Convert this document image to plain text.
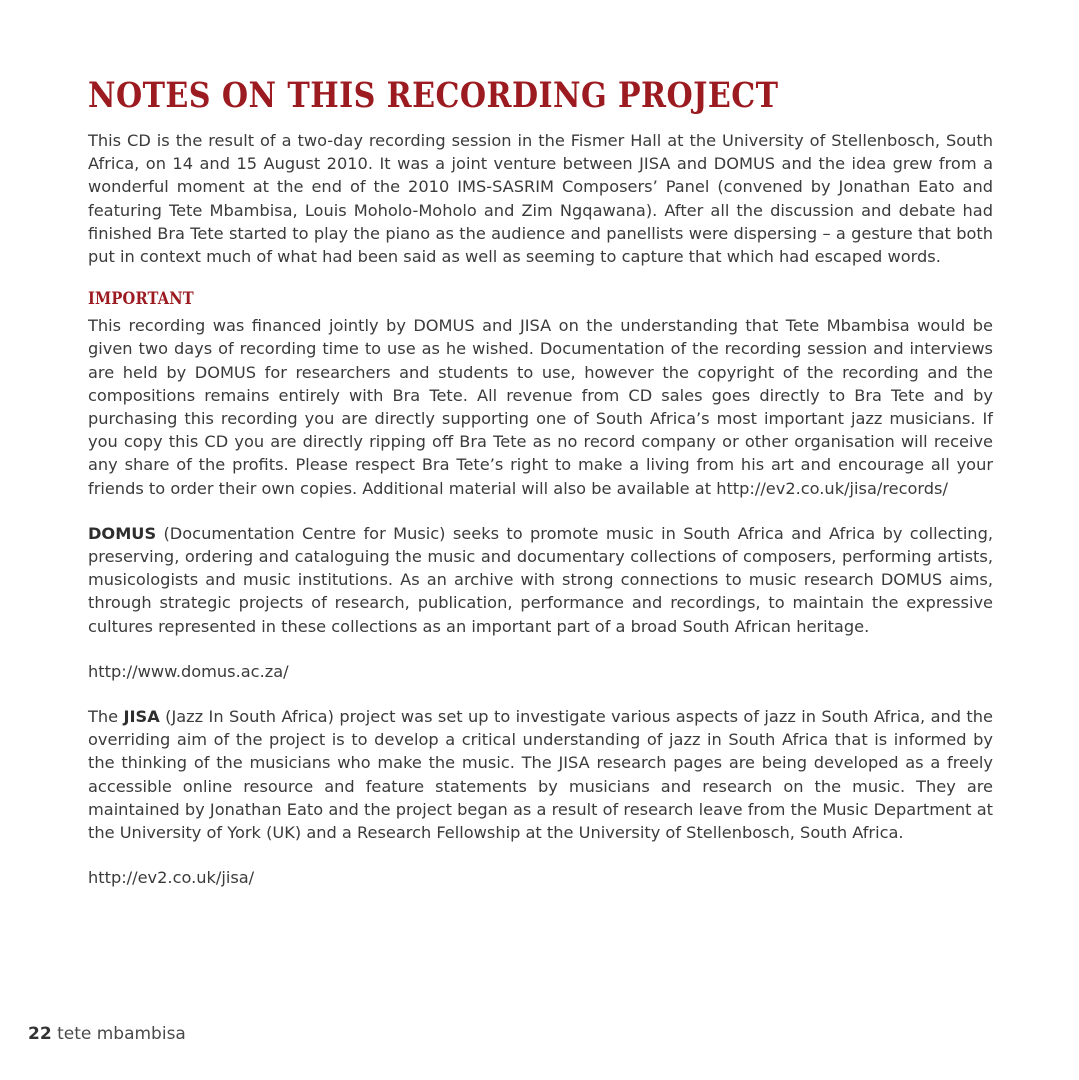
NOTES ON THIS RECORDING PROJECT

This CD is the result of a two-day recording session in the Fismer Hall at the University of Stellenbosch, South Africa, on 14 and 15 August 2010. It was a joint venture between JISA and DOMUS and the idea grew from a wonderful moment at the end of the 2010 IMS-SASRIM Composers’ Panel (convened by Jonathan Eato and featuring Tete Mbambisa, Louis Moholo-Moholo and Zim Ngqawana). After all the discussion and debate had finished Bra Tete started to play the piano as the audience and panellists were dispersing – a gesture that both put in context much of what had been said as well as seeming to capture that which had escaped words.

IMPORTANT

This recording was financed jointly by DOMUS and JISA on the understanding that Tete Mbambisa would be given two days of recording time to use as he wished. Documentation of the recording session and interviews are held by DOMUS for researchers and students to use, however the copyright of the recording and the compositions remains entirely with Bra Tete. All revenue from CD sales goes directly to Bra Tete and by purchasing this recording you are directly supporting one of South Africa’s most important jazz musicians. If you copy this CD you are directly ripping off Bra Tete as no record company or other organisation will receive any share of the profits. Please respect Bra Tete’s right to make a living from his art and encourage all your friends to order their own copies. Additional material will also be available at http://ev2.co.uk/jisa/records/

DOMUS (Documentation Centre for Music) seeks to promote music in South Africa and Africa by collecting, preserving, ordering and cataloguing the music and documentary collections of composers, performing artists, musicologists and music institutions. As an archive with strong connections to music research DOMUS aims, through strategic projects of research, publication, performance and recordings, to maintain the expressive cultures represented in these collections as an important part of a broad South African heritage.

http://www.domus.ac.za/

The JISA (Jazz In South Africa) project was set up to investigate various aspects of jazz in South Africa, and the overriding aim of the project is to develop a critical understanding of jazz in South Africa that is informed by the thinking of the musicians who make the music. The JISA research pages are being developed as a freely accessible online resource and feature statements by musicians and research on the music. They are maintained by Jonathan Eato and the project began as a result of research leave from the Music Department at the University of York (UK) and a Research Fellowship at the University of Stellenbosch, South Africa.

http://ev2.co.uk/jisa/

22 tete mbambisa
